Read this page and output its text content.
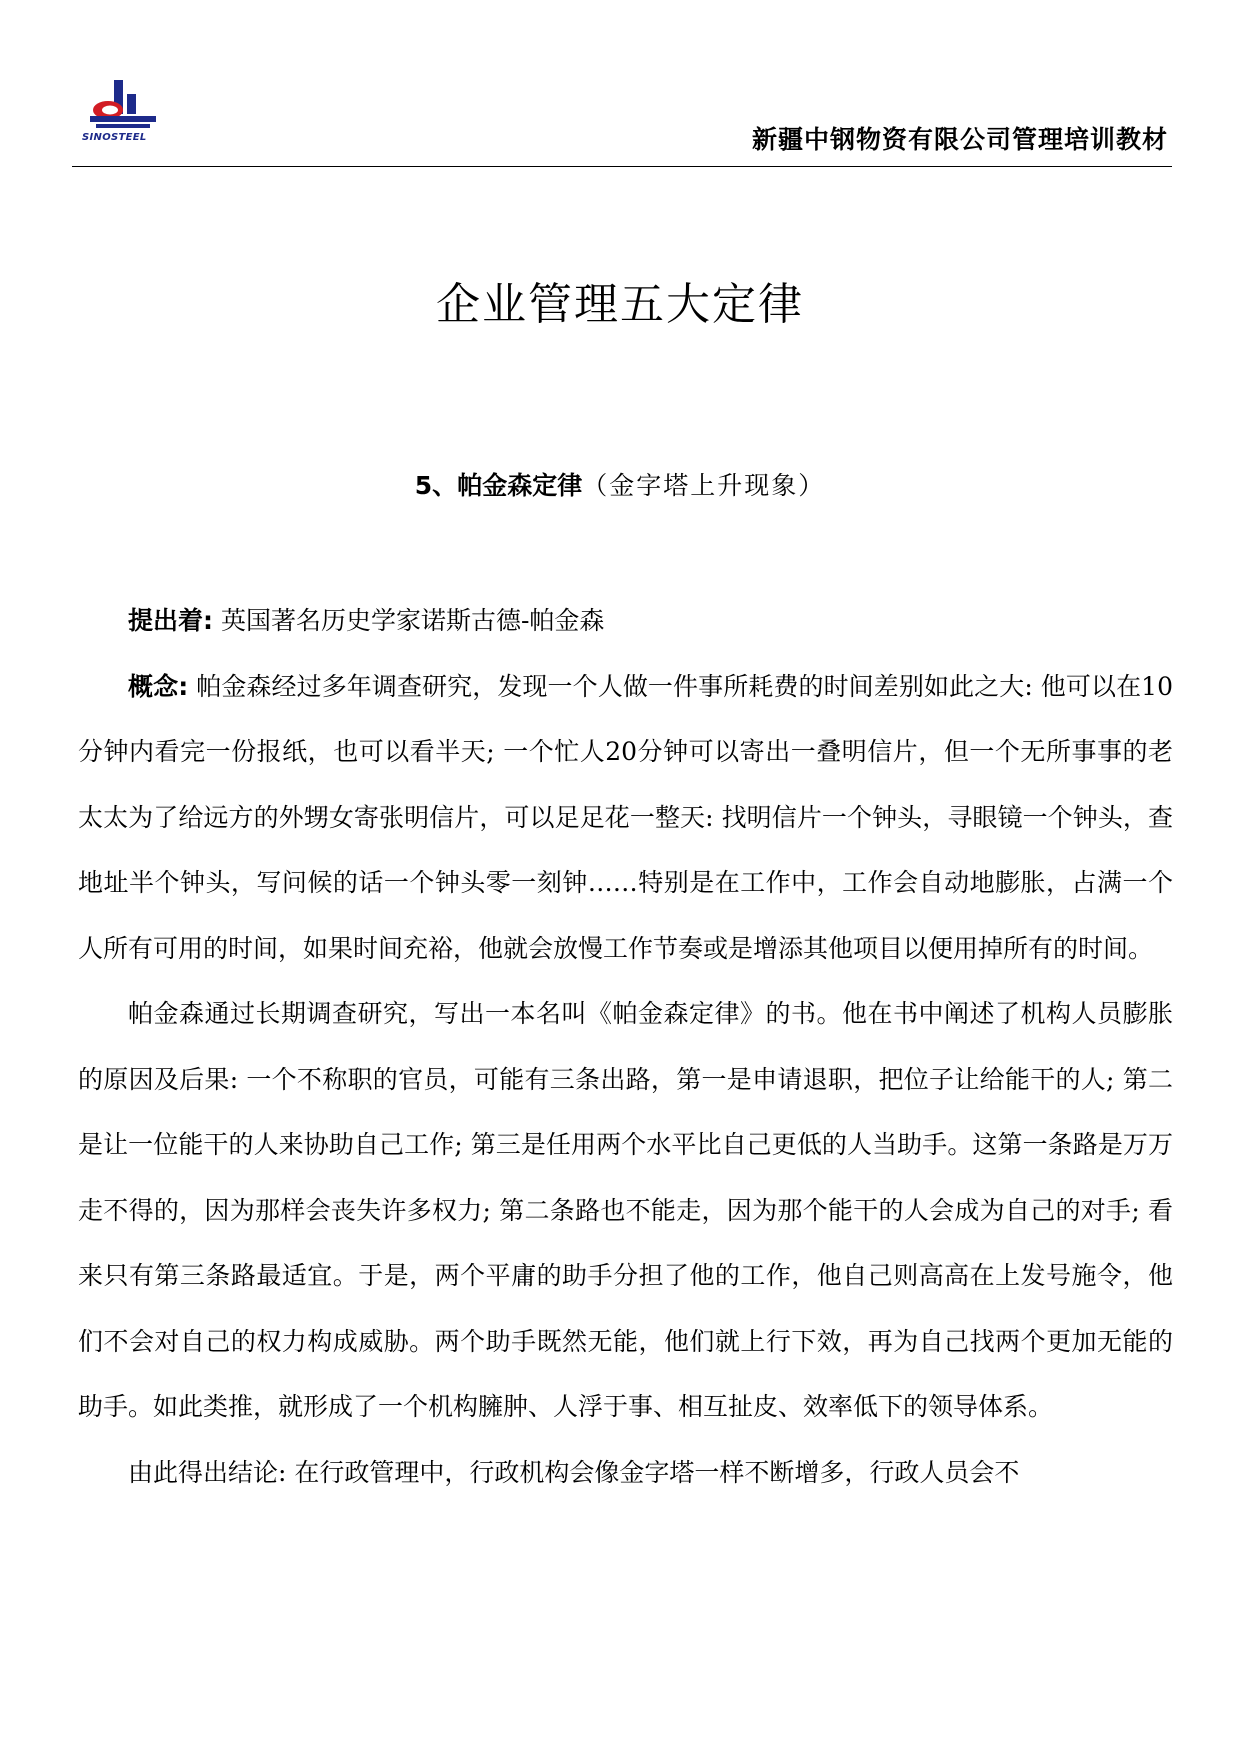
SINOSTEEL	新疆中钢物资有限公司管理培训教材
企业管理五大定律
5、帕金森定律（金字塔上升现象）

提出着: 英国著名历史学家诺斯古德-帕金森

概念: 帕金森经过多年调查研究，发现一个人做一件事所耗费的时间差别如此之大: 他可以在10分钟内看完一份报纸，也可以看半天; 一个忙人20分钟可以寄出一叠明信片，但一个无所事事的老太太为了给远方的外甥女寄张明信片，可以足足花一整天: 找明信片一个钟头，寻眼镜一个钟头，查地址半个钟头，写问候的话一个钟头零一刻钟……特别是在工作中，工作会自动地膨胀，占满一个人所有可用的时间，如果时间充裕，他就会放慢工作节奏或是增添其他项目以便用掉所有的时间。

帕金森通过长期调查研究，写出一本名叫《帕金森定律》的书。他在书中阐述了机构人员膨胀的原因及后果: 一个不称职的官员，可能有三条出路，第一是申请退职，把位子让给能干的人; 第二是让一位能干的人来协助自己工作; 第三是任用两个水平比自己更低的人当助手。这第一条路是万万走不得的，因为那样会丧失许多权力; 第二条路也不能走，因为那个能干的人会成为自己的对手; 看来只有第三条路最适宜。于是，两个平庸的助手分担了他的工作，他自己则高高在上发号施令，他们不会对自己的权力构成威胁。两个助手既然无能，他们就上行下效，再为自己找两个更加无能的助手。如此类推，就形成了一个机构臃肿、人浮于事、相互扯皮、效率低下的领导体系。

由此得出结论: 在行政管理中，行政机构会像金字塔一样不断增多，行政人员会不
